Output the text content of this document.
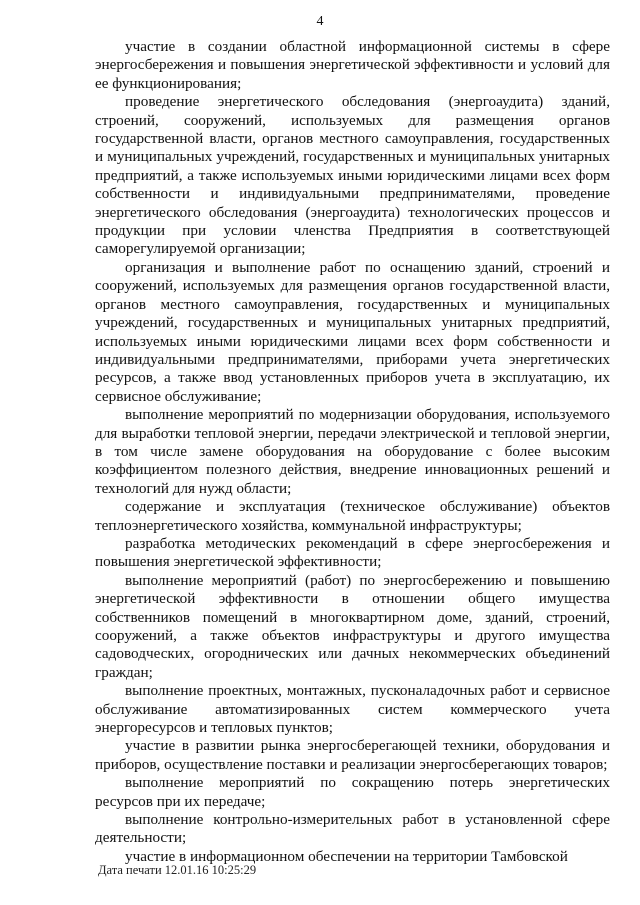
4

участие в создании областной информационной системы в сфере энергосбережения и повышения энергетической эффективности и условий для ее функционирования;

проведение энергетического обследования (энергоаудита) зданий, строений, сооружений, используемых для размещения органов государственной власти, органов местного самоуправления, государственных и муниципальных учреждений, государственных и муниципальных унитарных предприятий, а также используемых иными юридическими лицами всех форм собственности и индивидуальными предпринимателями, проведение энергетического обследования (энергоаудита) технологических процессов и продукции при условии членства Предприятия в соответствующей саморегулируемой организации;

организация и выполнение работ по оснащению зданий, строений и сооружений, используемых для размещения органов государственной власти, органов местного самоуправления, государственных и муниципальных учреждений, государственных и муниципальных унитарных предприятий, используемых иными юридическими лицами всех форм собственности и индивидуальными предпринимателями, приборами учета энергетических ресурсов, а также ввод установленных приборов учета в эксплуатацию, их сервисное обслуживание;

выполнение мероприятий по модернизации оборудования, используемого для выработки тепловой энергии, передачи электрической и тепловой энергии, в том числе замене оборудования на оборудование с более высоким коэффициентом полезного действия, внедрение инновационных решений и технологий для нужд области;

содержание и эксплуатация (техническое обслуживание) объектов теплоэнергетического хозяйства, коммунальной инфраструктуры;

разработка методических рекомендаций в сфере энергосбережения и повышения энергетической эффективности;

выполнение мероприятий (работ) по энергосбережению и повышению энергетической эффективности в отношении общего имущества собственников помещений в многоквартирном доме, зданий, строений, сооружений, а также объектов инфраструктуры и другого имущества садоводческих, огороднических или дачных некоммерческих объединений граждан;

выполнение проектных, монтажных, пусконаладочных работ и сервисное обслуживание автоматизированных систем коммерческого учета энергоресурсов и тепловых пунктов;

участие в развитии рынка энергосберегающей техники, оборудования и приборов, осуществление поставки и реализации энергосберегающих товаров;

выполнение мероприятий по сокращению потерь энергетических ресурсов при их передаче;

выполнение контрольно-измерительных работ в установленной сфере деятельности;

участие в информационном обеспечении на территории Тамбовской

Дата печати 12.01.16 10:25:29
